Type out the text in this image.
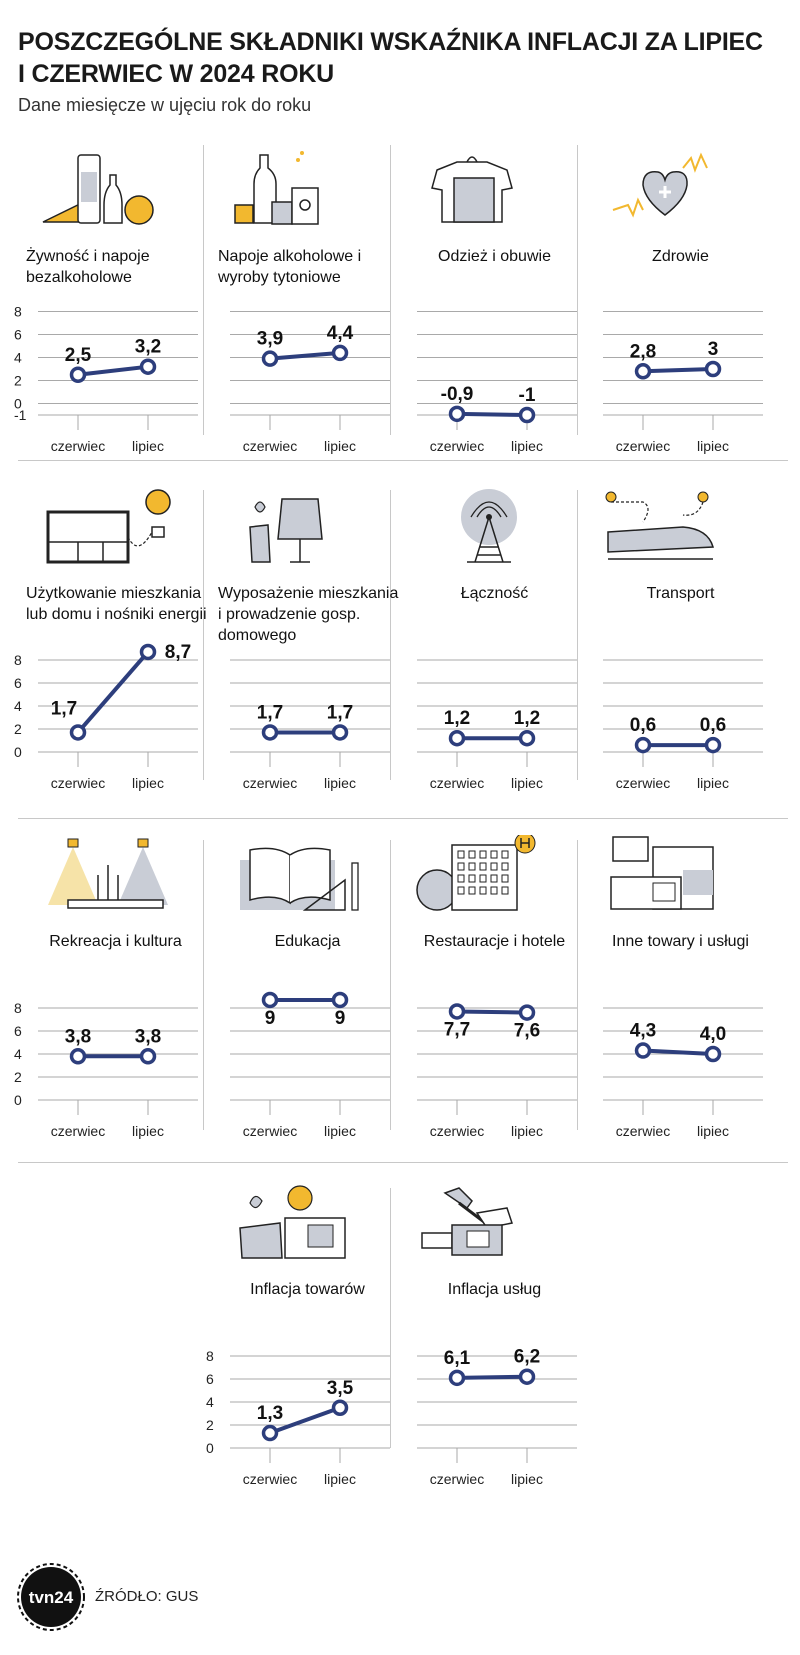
POSZCZEGÓLNE SKŁADNIKI WSKAŹNIKA INFLACJI ZA LIPIEC
I CZERWIEC W 2024 ROKU
Dane miesięcze w ujęciu rok do roku
Żywność i napoje bezalkoholowe
8
6
4
2
0
-1
czerwiec lipiec
2,5 3,2
Napoje alkoholowe i wyroby tytoniowe
czerwiec lipiec
3,9 4,4
Odzież i obuwie
czerwiec lipiec
-0,9 -1
Zdrowie
czerwiec lipiec
2,8	3
Użytkowanie mieszkania lub domu i nośniki energii
8
6
4
2
0
czerwiec lipiec
1,7
8,7
Wyposażenie mieszkania i prowadzenie gosp. domowego
czerwiec lipiec
1,7 1,7
Łączność
czerwiec lipiec
1,2 1,2
Transport
czerwiec lipiec
0,6 0,6
Rekreacja i kultura
8
6
4
2
0
czerwiec lipiec
3,8 3,8
Edukacja
czerwiec lipiec
9	9
Restauracje i hotele
czerwiec lipiec
7,7 7,6
Inne towary i usługi
czerwiec lipiec
4,3 4,0
Inflacja towarów
8
6
4
2
0
czerwiec lipiec
1,3
3,5
Inflacja usług
czerwiec lipiec
6,1 6,2
tvn24 ŹRÓDŁO: GUS
